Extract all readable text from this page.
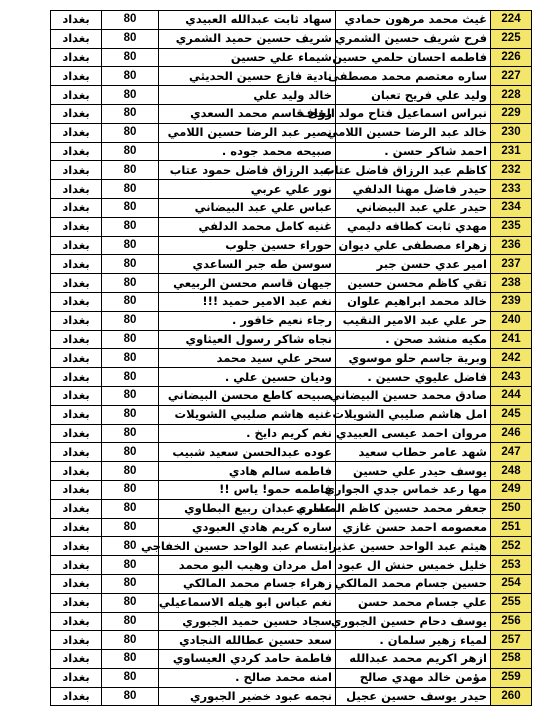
224	غيث محمد مرهون حمادي	سهاد ثابت عبدالله العبيدي	80	بغداد
225	فرح شريف حسين الشمري	شريف حسين حميد الشمري	80	بغداد
226	فاطمه احسان حلمي حسين	شيماء علي حسين	80	بغداد
227	ساره معتصم محمد مصطفى	نادية فازع حسين الحديثي	80	بغداد
228	وليد علي فريح تعبان	خالد وليد علي	80	بغداد
229	نبراس اسماعيل فتاح مولد الجاف	رؤى قاسم محمد السعدي	80	بغداد
230	خالد عبد الرضا حسين اللامي	نصير عبد الرضا حسين اللامي	80	بغداد
231	احمد شاكر حسن .	صبيحه محمد جوده .	80	بغداد
232	كاظم عبد الرزاق فاضل عتاب	عبد الرزاق فاضل حمود عتاب	80	بغداد
233	حيدر فاضل مهنا الدلفي	نور علي عربي	80	بغداد
234	حيدر علي عبد البيضاني	عباس علي عبد البيضاني	80	بغداد
235	مهدي ثابت كطافه دليمي	غنيه كامل محمد الدلفي	80	بغداد
236	زهراء مصطفى علي ديوان	حوراء حسين جلوب	80	بغداد
237	امير عدي حسن جبر	سوسن طه جبر الساعدي	80	بغداد
238	تقي كاظم محسن حسين	جيهان قاسم محسن الربيعي	80	بغداد
239	خالد محمد ابراهيم علوان	نغم عبد الامير حميد !!!	80	بغداد
240	حر علي عبد الامير النقيب	رجاء نعيم خافور .	80	بغداد
241	مكيه منشد صحن .	نجاه شاكر رسول العيثاوي	80	بغداد
242	وبرية جاسم حلو موسوي	سحر علي سيد محمد	80	بغداد
243	فاضل عليوي حسين .	وديان حسين علي .	80	بغداد
244	صادق محمد حسين البيضاني	صبيحه كاطع محسن البيضاني	80	بغداد
245	امل هاشم صليبي الشويلات	غنيه هاشم صليبي الشويلات	80	بغداد
246	مروان احمد عيسى العبيدي	نغم كريم دايخ .	80	بغداد
247	شهد عامر حطاب سعيد	عوده عبدالحسن سعيد شبيب	80	بغداد
248	يوسف حيدر علي حسين	فاطمه سالم هادي	80	بغداد
249	مها رعد خماس جدي الجواري	فاطمه حمو! ياس !!	80	بغداد
250	جعفر محمد حسين كاظم المساري	عامره عبدان ربيع البطاوي	80	بغداد
251	معصومه احمد حسن غازي	ساره كريم هادي العبودي	80	بغداد
252	هيثم عبد الواحد حسين عذير	ابتسام عبد الواحد حسين الخفاجي	80	بغداد
253	خليل خميس حنش ال عبود	امل مردان وهيب البو محمد	80	بغداد
254	حسين جسام محمد المالكي	زهراء جسام محمد المالكي	80	بغداد
255	علي جسام محمد حسن	نغم عباس ابو هيله الاسماعيلي	80	بغداد
256	يوسف دحام حسين الجبوري	سجاد حسين حميد الجبوري	80	بغداد
257	لمياء زهير سلمان .	سعد حسين عطالله النجادي	80	بغداد
258	ازهر اكريم محمد عبدالله	فاطمة حامد كردي العيساوي	80	بغداد
259	مؤمن خالد مهدي صالح	امنه محمد صالح .	80	بغداد
260	حيدر يوسف حسين عجيل	نجمه عبود خضير الجبوري	80	بغداد
